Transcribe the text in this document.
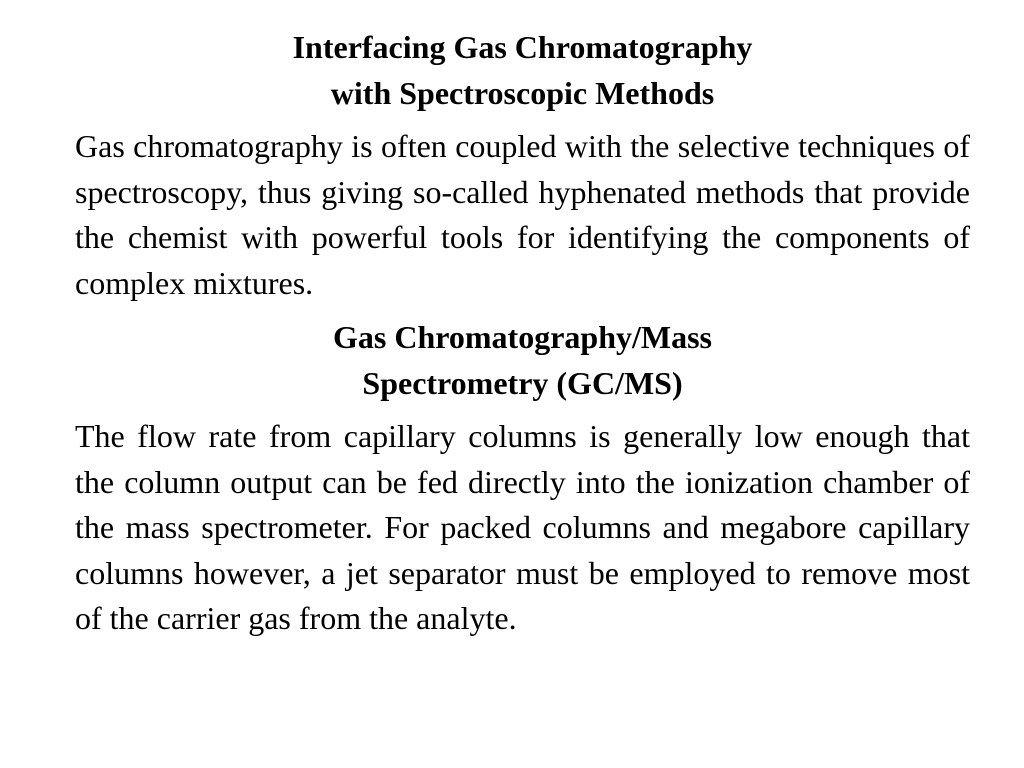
Interfacing Gas Chromatography

with Spectroscopic Methods

Gas chromatography is often coupled with the selective techniques of spectroscopy, thus giving so-called hyphenated methods that provide the chemist with powerful tools for identifying the components of complex mixtures.

Gas Chromatography/Mass

Spectrometry (GC/MS)

The flow rate from capillary columns is generally low enough that the column output can be fed directly into the ionization chamber of the mass spectrometer. For packed columns and megabore capillary columns however, a jet separator must be employed to remove most of the carrier gas from the analyte.
